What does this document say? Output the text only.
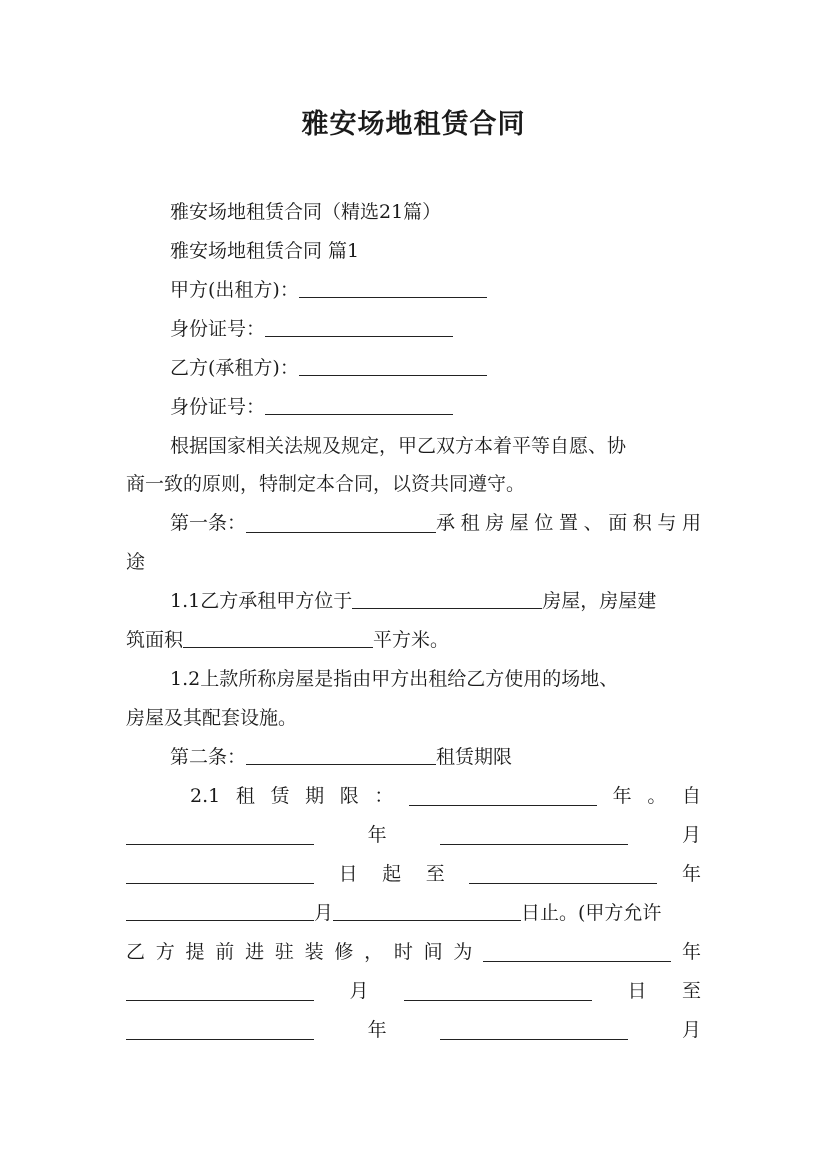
雅安场地租赁合同
雅安场地租赁合同（精选21篇）
雅安场地租赁合同 篇1
甲方(出租方)：
身份证号：
乙方(承租方)：
身份证号：
根据国家相关法规及规定，甲乙双方本着平等自愿、协
商一致的原则，特制定本合同，以资共同遵守。
第一条：	承租房屋位置、面积与用
途
1.1乙方承租甲方位于	房屋，房屋建
筑面积	平方米。
1.2上款所称房屋是指由甲方出租给乙方使用的场地、
房屋及其配套设施。
第二条：	租赁期限
2.1 租 赁 期 限 ：	年 。 自
年	月
日 起 至	年
月	日止。(甲方允许
乙 方 提 前 进 驻 装 修 ， 时 间 为	年
月	日 至
年	月
